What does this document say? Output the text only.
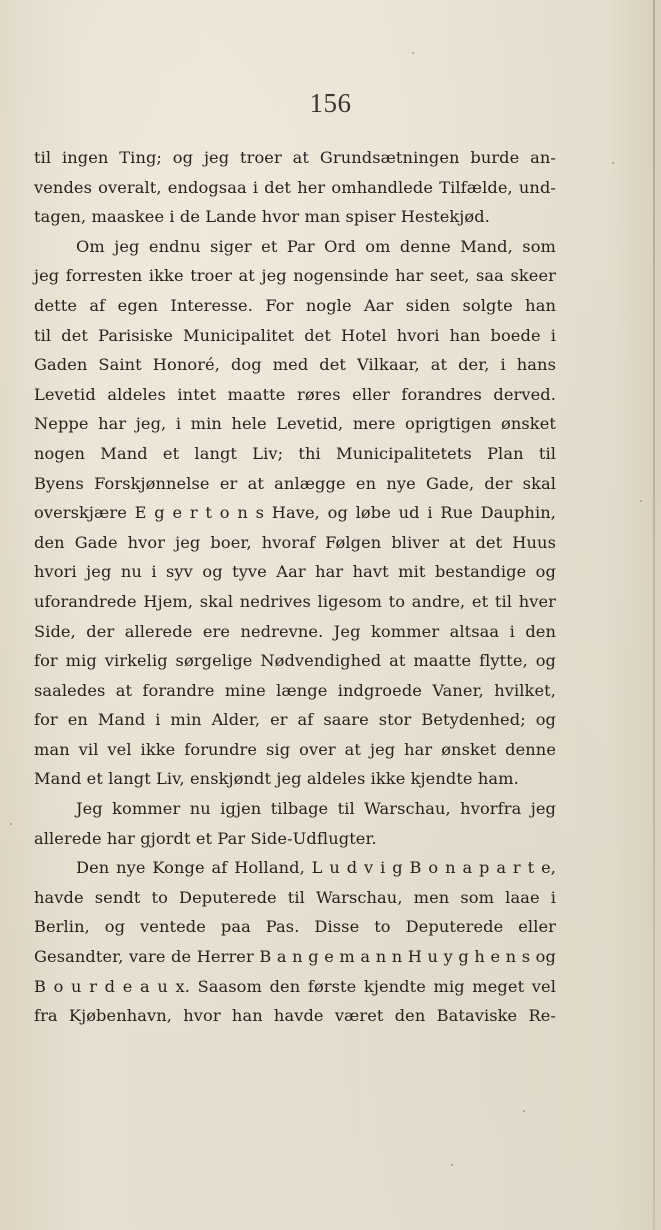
156
til ingen Ting; og jeg troer at Grundsætningen burde an-
vendes overalt, endogsaa i det her omhandlede Tilfælde, und-
tagen, maaskee i de Lande hvor man spiser Hestekjød.
Om jeg endnu siger et Par Ord om denne Mand, som
jeg forresten ikke troer at jeg nogensinde har seet, saa skeer
dette af egen Interesse. For nogle Aar siden solgte han
til det Parisiske Municipalitet det Hotel hvori han boede i
Gaden Saint Honoré, dog med det Vilkaar, at der, i hans
Levetid aldeles intet maatte røres eller forandres derved.
Neppe har jeg, i min hele Levetid, mere oprigtigen ønsket
nogen Mand et langt Liv; thi Municipalitetets Plan til
Byens Forskjønnelse er at anlægge en nye Gade, der skal
overskjære E g e r t o n s Have, og løbe ud i Rue Dauphin,
den Gade hvor jeg boer, hvoraf Følgen bliver at det Huus
hvori jeg nu i syv og tyve Aar har havt mit bestandige og
uforandrede Hjem, skal nedrives ligesom to andre, et til hver
Side, der allerede ere nedrevne. Jeg kommer altsaa i den
for mig virkelig sørgelige Nødvendighed at maatte flytte, og
saaledes at forandre mine længe indgroede Vaner, hvilket,
for en Mand i min Alder, er af saare stor Betydenhed; og
man vil vel ikke forundre sig over at jeg har ønsket denne
Mand et langt Liv, enskjøndt jeg aldeles ikke kjendte ham.
Jeg kommer nu igjen tilbage til Warschau, hvorfra jeg
allerede har gjordt et Par Side-Udflugter.
Den nye Konge af Holland, L u d v i g B o n a p a r t e,
havde sendt to Deputerede til Warschau, men som laae i
Berlin, og ventede paa Pas. Disse to Deputerede eller
Gesandter, vare de Herrer B a n g e m a n n H u y g h e n s og
B o u r d e a u x. Saasom den første kjendte mig meget vel
fra Kjøbenhavn, hvor han havde været den Bataviske Re-
